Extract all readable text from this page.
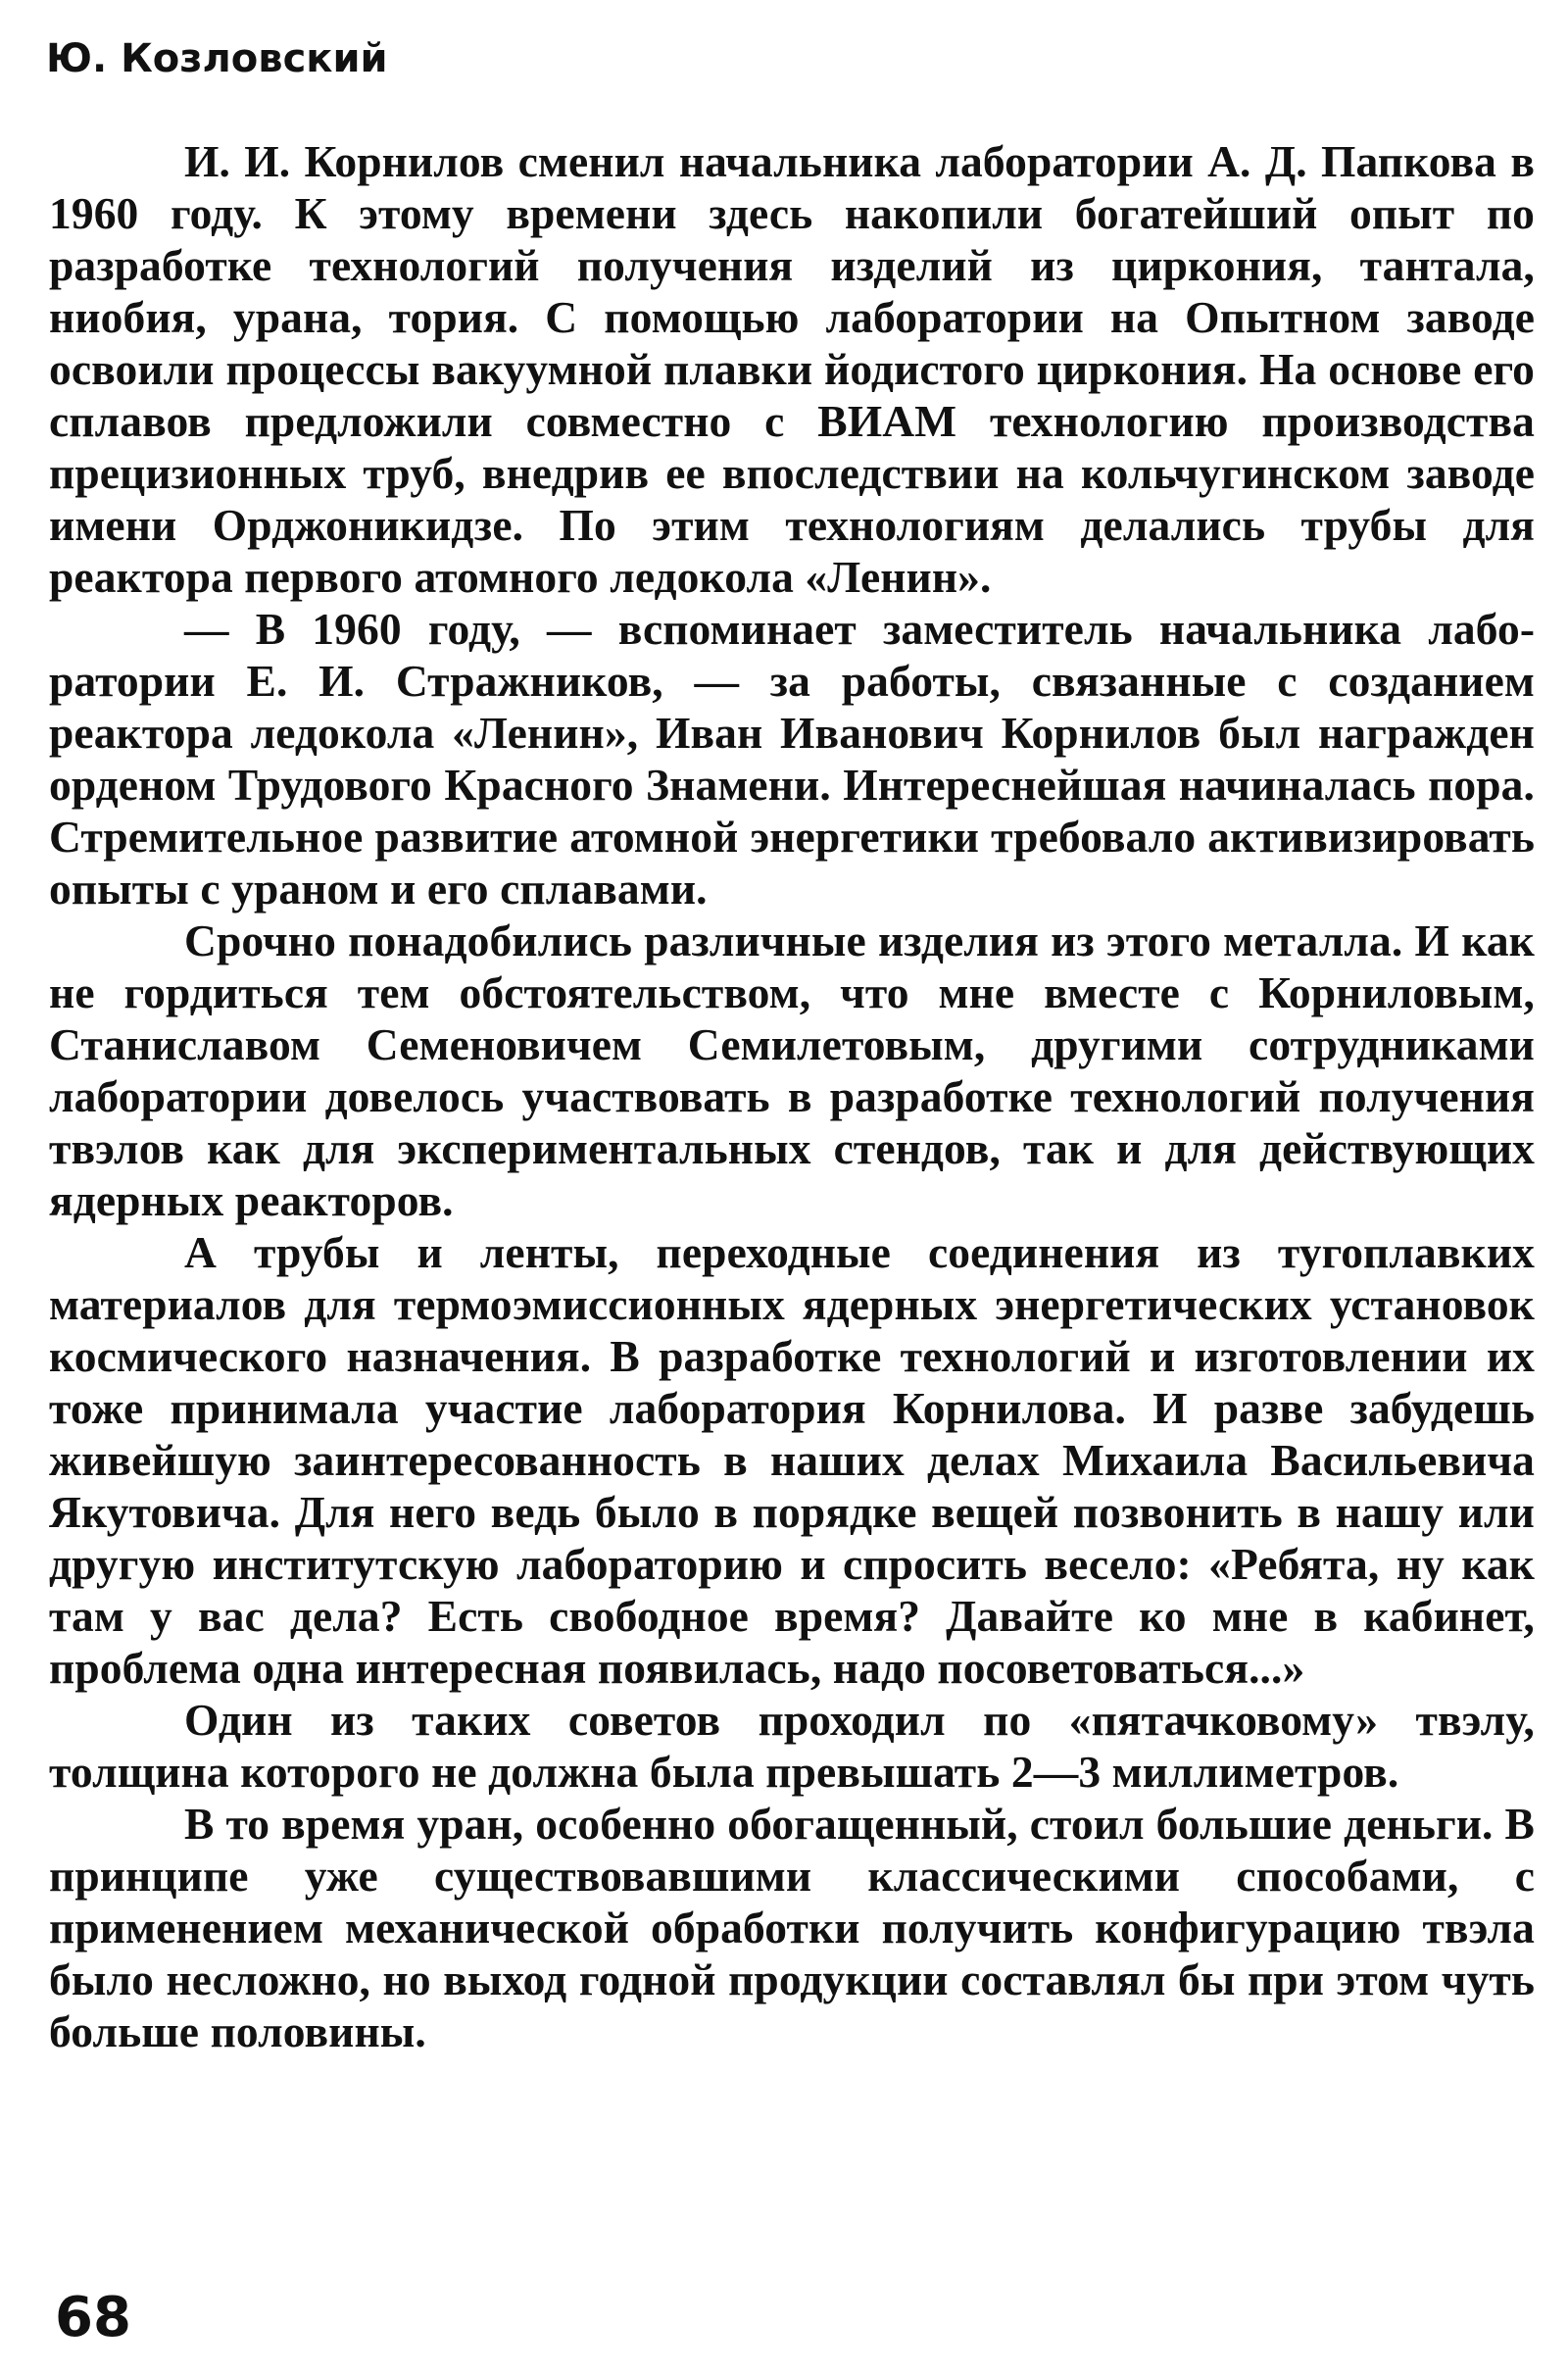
Ю. Козловский

И. И. Корнилов сменил начальника лаборатории А. Д. Папкова в 1960 году. К этому времени здесь накопили богатейший опыт по разработке технологий получения изделий из циркония, тантала, ниобия, урана, тория. С помощью лаборатории на Опытном заводе освоили процессы вакуумной плавки йодистого циркония. На основе его сплавов предложили совместно с ВИАМ технологию производства прецизионных труб, внедрив ее впоследствии на кольчугинском заводе имени Орджоникидзе. По этим технологиям делались трубы для реактора первого атомного ледокола «Ленин».

— В 1960 году, — вспоминает заместитель начальника лаборатории Е. И. Стражников, — за работы, связанные с созданием реактора ледокола «Ленин», Иван Иванович Корнилов был награжден орденом Трудового Красного Знамени. Интереснейшая начиналась пора. Стремительное развитие атомной энергетики требовало активизировать опыты с ураном и его сплавами.

Срочно понадобились различные изделия из этого металла. И как не гордиться тем обстоятельством, что мне вместе с Корниловым, Станиславом Семеновичем Семилетовым, другими сотрудниками лаборатории довелось участвовать в разработке технологий получения твэлов как для экспериментальных стендов, так и для действующих ядерных реакторов.

А трубы и ленты, переходные соединения из тугоплавких материалов для термоэмиссионных ядерных энергетических установок космического назначения. В разработке технологий и изготовлении их тоже принимала участие лаборатория Корнилова. И разве забудешь живейшую заинтересованность в наших делах Михаила Васильевича Якутовича. Для него ведь было в порядке вещей позвонить в нашу или другую институтскую лабораторию и спросить весело: «Ребята, ну как там у вас дела? Есть свободное время? Давайте ко мне в кабинет, проблема одна интересная появилась, надо посоветоваться...»

Один из таких советов проходил по «пятачковому» твэлу, толщина которого не должна была превышать 2—3 миллиметров.

В то время уран, особенно обогащенный, стоил большие деньги. В принципе уже существовавшими классическими способами, с применением механической обработки получить конфигурацию твэла было несложно, но выход годной продукции составлял бы при этом чуть больше половины.

68
